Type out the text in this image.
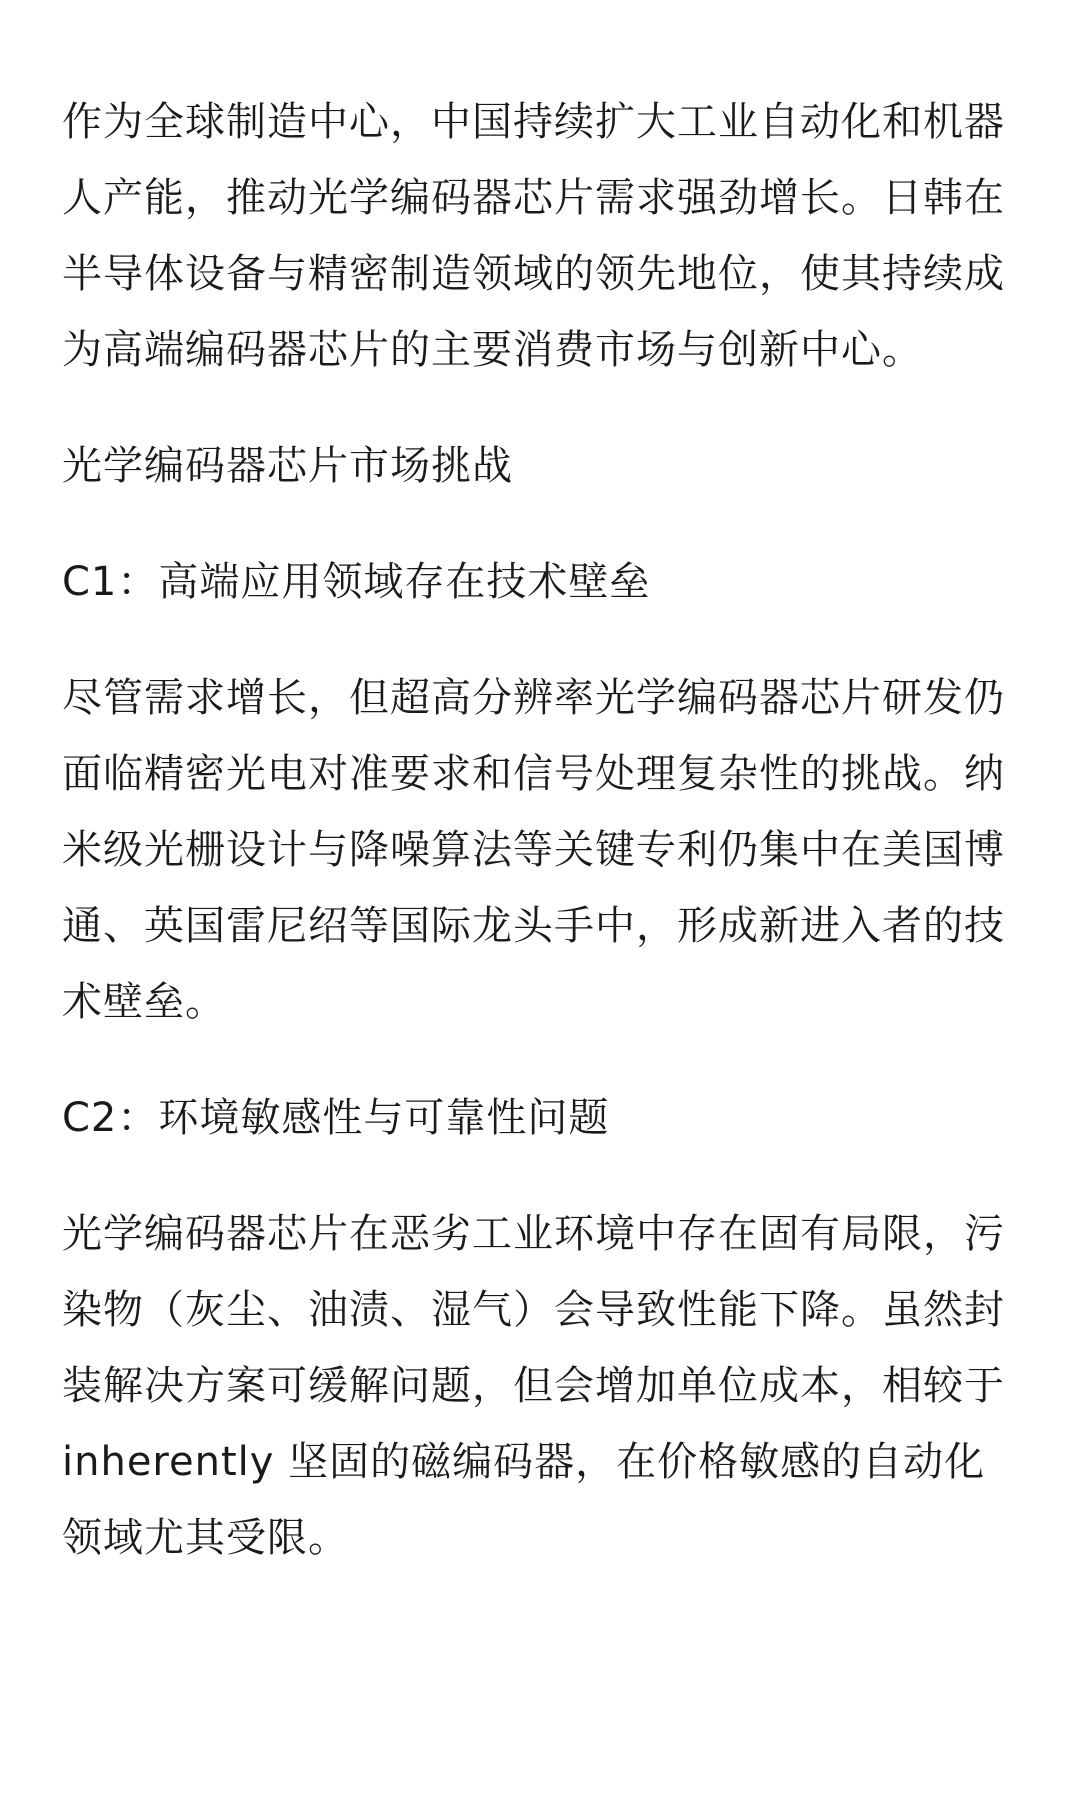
作为全球制造中心，中国持续扩大工业自动化和机器人产能，推动光学编码器芯片需求强劲增长。日韩在半导体设备与精密制造领域的领先地位，使其持续成为高端编码器芯片的主要消费市场与创新中心。

光学编码器芯片市场挑战
C1：高端应用领域存在技术壁垒

尽管需求增长，但超高分辨率光学编码器芯片研发仍面临精密光电对准要求和信号处理复杂性的挑战。纳米级光栅设计与降噪算法等关键专利仍集中在美国博通、英国雷尼绍等国际龙头手中，形成新进入者的技术壁垒。

C2：环境敏感性与可靠性问题

光学编码器芯片在恶劣工业环境中存在固有局限，污染物（灰尘、油渍、湿气）会导致性能下降。虽然封装解决方案可缓解问题，但会增加单位成本，相较于 inherently 坚固的磁编码器，在价格敏感的自动化领域尤其受限。
